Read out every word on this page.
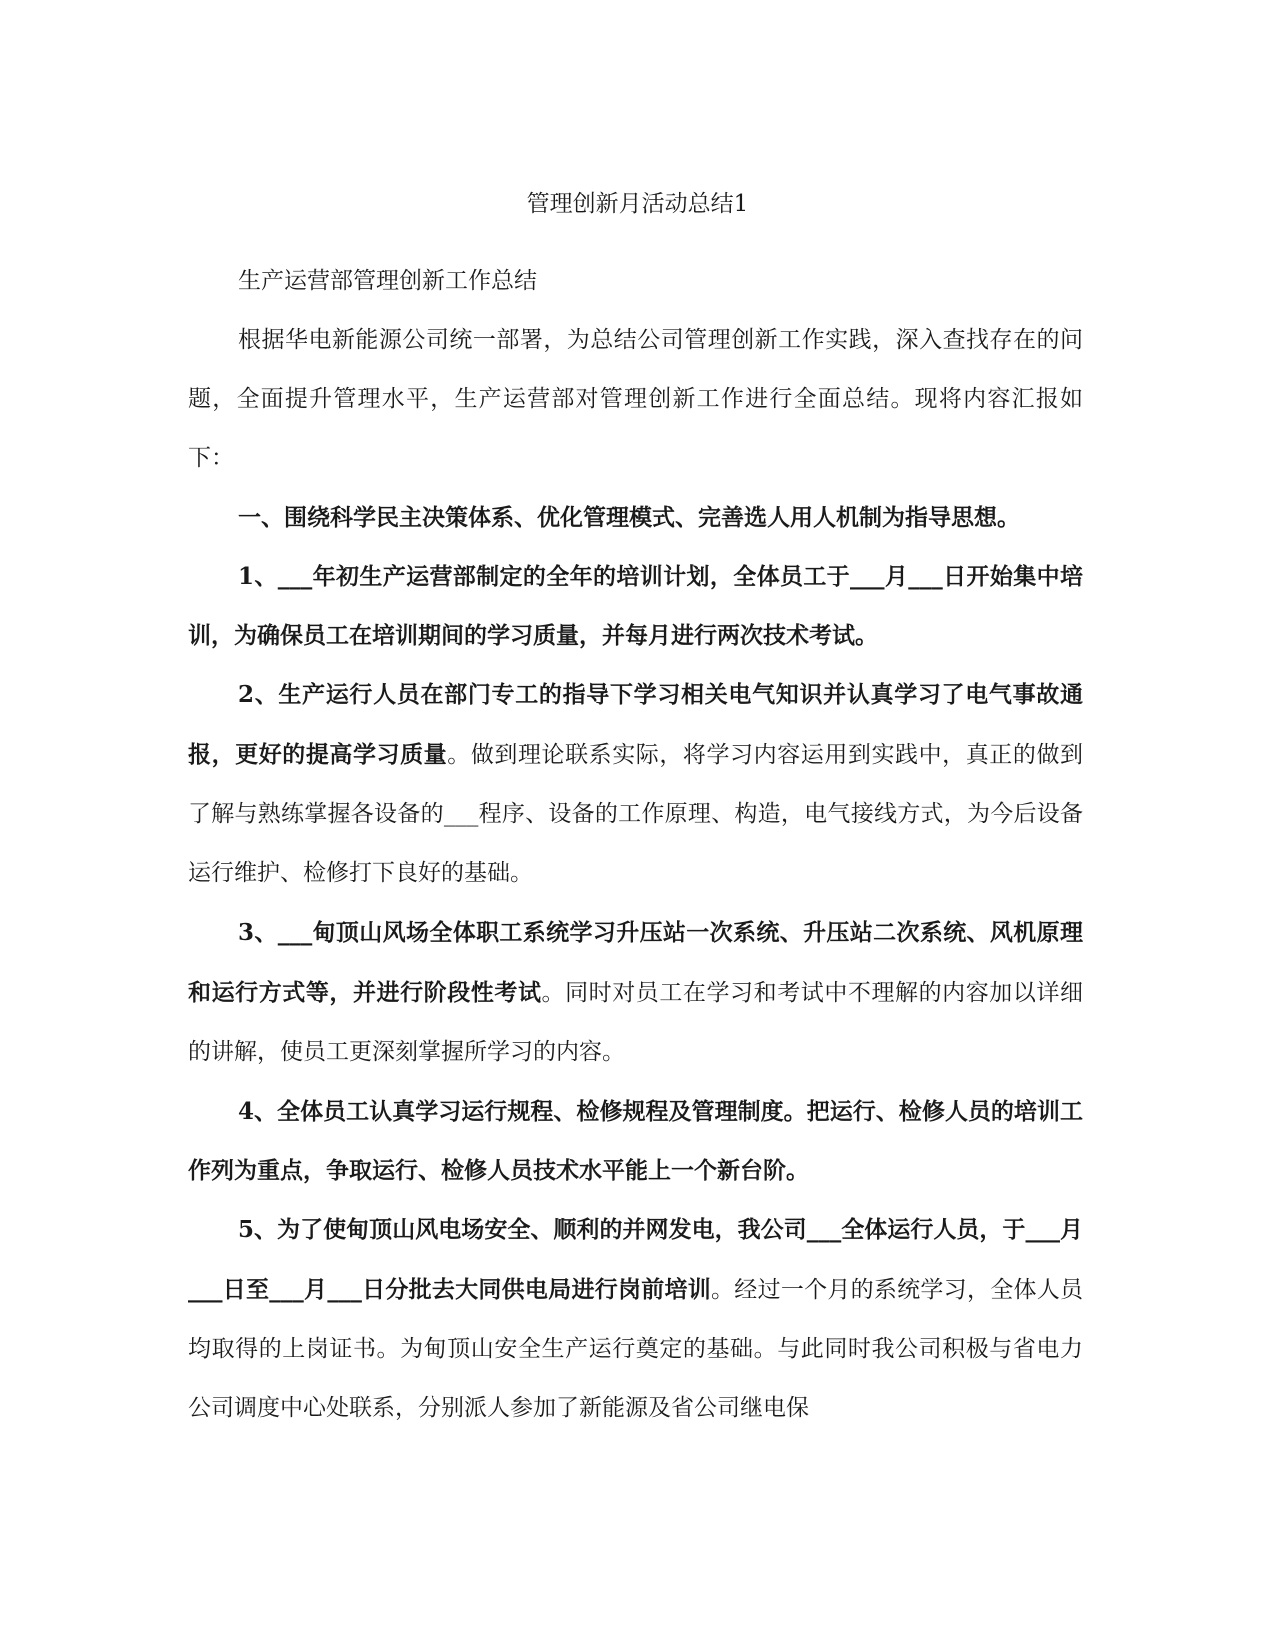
管理创新月活动总结1

生产运营部管理创新工作总结

根据华电新能源公司统一部署，为总结公司管理创新工作实践，深入查找存在的问题，全面提升管理水平，生产运营部对管理创新工作进行全面总结。现将内容汇报如下：

一、围绕科学民主决策体系、优化管理模式、完善选人用人机制为指导思想。

1、___年初生产运营部制定的全年的培训计划，全体员工于___月___日开始集中培训，为确保员工在培训期间的学习质量，并每月进行两次技术考试。

2、生产运行人员在部门专工的指导下学习相关电气知识并认真学习了电气事故通报，更好的提高学习质量。做到理论联系实际，将学习内容运用到实践中，真正的做到了解与熟练掌握各设备的___程序、设备的工作原理、构造，电气接线方式，为今后设备运行维护、检修打下良好的基础。

3、___甸顶山风场全体职工系统学习升压站一次系统、升压站二次系统、风机原理和运行方式等，并进行阶段性考试。同时对员工在学习和考试中不理解的内容加以详细的讲解，使员工更深刻掌握所学习的内容。

4、全体员工认真学习运行规程、检修规程及管理制度。把运行、检修人员的培训工作列为重点，争取运行、检修人员技术水平能上一个新台阶。

5、为了使甸顶山风电场安全、顺利的并网发电，我公司___全体运行人员，于___月___日至___月___日分批去大同供电局进行岗前培训。经过一个月的系统学习，全体人员均取得的上岗证书。为甸顶山安全生产运行奠定的基础。与此同时我公司积极与省电力公司调度中心处联系，分别派人参加了新能源及省公司继电保
